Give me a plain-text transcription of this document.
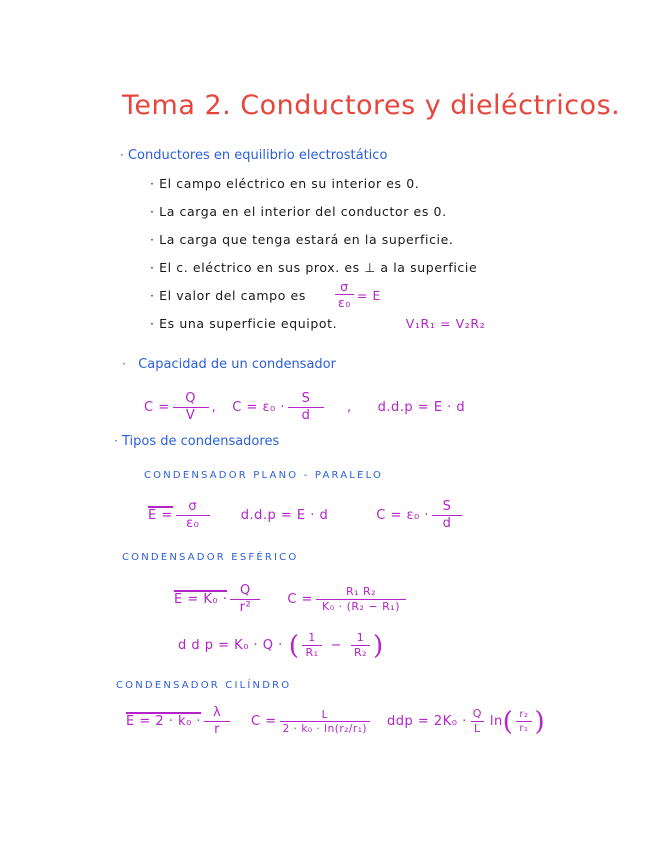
Tema 2. Conductores y dieléctricos.
· Conductores en equilibrio electrostático
· El campo eléctrico en su interior es 0.
· La carga en el interior del conductor es 0.
· La carga que tenga estará en la superficie.
· El c. eléctrico en sus prox. es ⊥ a la superficie
·
El valor del campo es $\frac{\sigma}{\text{ε₀}} = E$
· Es una superficie equipot.	V₁R₁ = V₂R₂
· Capacidad de un condensador
$C = \frac{Q}{V}$ , $C = \varepsilon_0 \cdot \frac{S}{d}$ , d.d.p = E · d
· Tipos de condensadores
CONDENSADOR PLANO - PARALELO
$E = \frac{\sigma}{\text{ε₀}} d.d.p = E \cdot d$	$C = \varepsilon_0 \cdot \frac{S}{d}$
CONDENSADOR ESFÉRICO
$E = K_0 \cdot \frac{Q}{\text{r²}}$ $C = \frac{\text{R₁ R₂}}{\text{K₀ · (R₂ − R₁)}}$
d d p = K₀ · Q · ( $\frac{1}{\text{R₁}} - \frac{1}{\text{R₂}}$ )
CONDENSADOR CILÍNDRO
$E = 2 \cdot k_0 \cdot \frac{\lambda}{r}$ $C = \frac{L}{\text{2 · k₀ · ln(r₂/r₁)}}$ ddp = $2K_0 \cdot \frac{Q}{L}$ ln ( $\frac{\text{r₂}}{\text{r₁}}$ )
